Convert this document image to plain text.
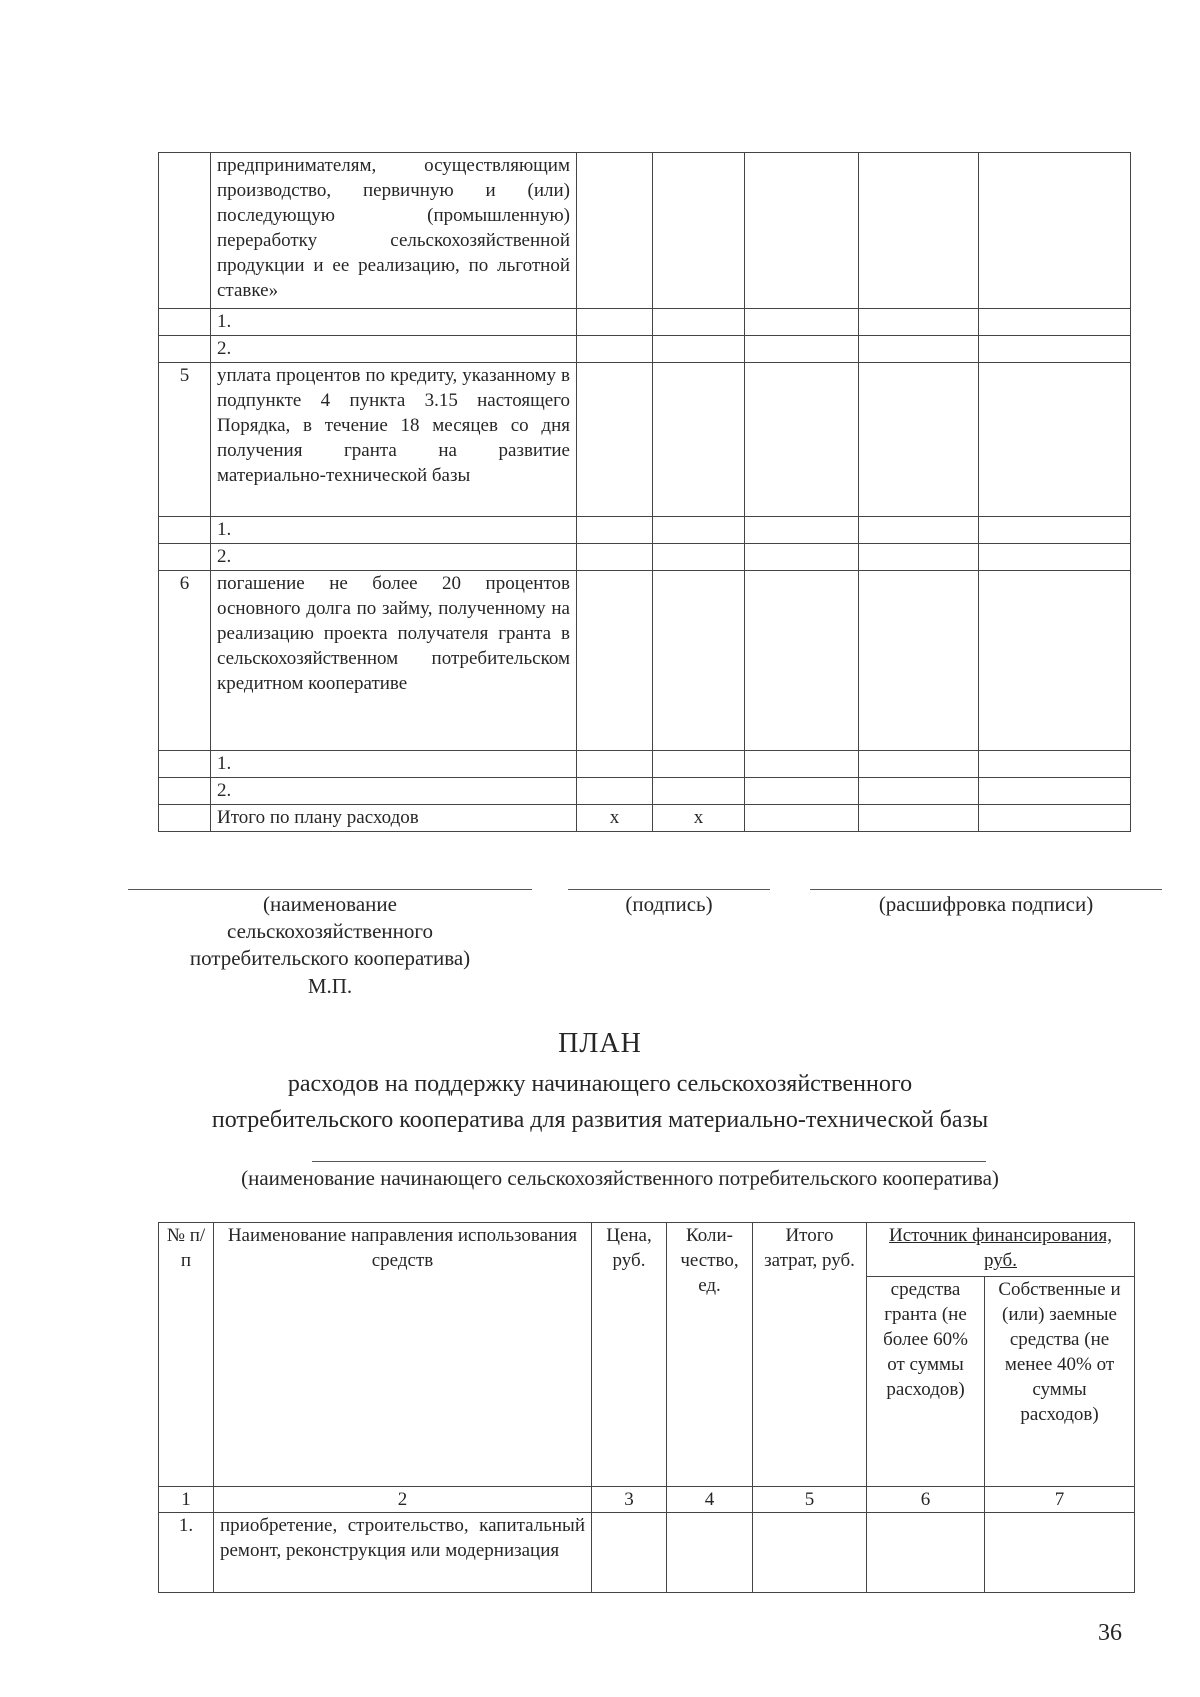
	предпринимателям, осуществляющим производство, первичную и (или) последующую (промышленную) переработку сельскохозяйственной продукции и ее реализацию, по льготной ставке»					
	1.					
	2.					
5	уплата процентов по кредиту, указанному в подпункте 4 пункта 3.15 настоящего Порядка, в течение 18 месяцев со дня получения гранта на развитие материально-технической базы					
	1.					
	2.					
6	погашение не более 20 процентов основного долга по займу, полученному на реализацию проекта получателя гранта в сельскохозяйственном потребительском кредитном кооперативе					
	1.					
	2.					
	Итого по плану расходов	x	x			
(наименование сельскохозяйственного потребительского кооператива)
М.П.
(подпись)	(расшифровка подписи)
ПЛАН
расходов на поддержку начинающего сельскохозяйственного
потребительского кооператива для развития материально-технической базы
(наименование начинающего сельскохозяйственного потребительского кооператива)
№ п/п	Наименование направления использования средств	Цена, руб.	Коли-чество, ед.	Итого затрат, руб.	Источник финансирования, руб.	
					средства гранта (не более 60% от суммы расходов)	Собственные и (или) заемные средства (не менее 40% от суммы расходов)
1	2	3	4	5	6	7
1.	приобретение, строительство, капитальный ремонт, реконструкция или модернизация					
36
